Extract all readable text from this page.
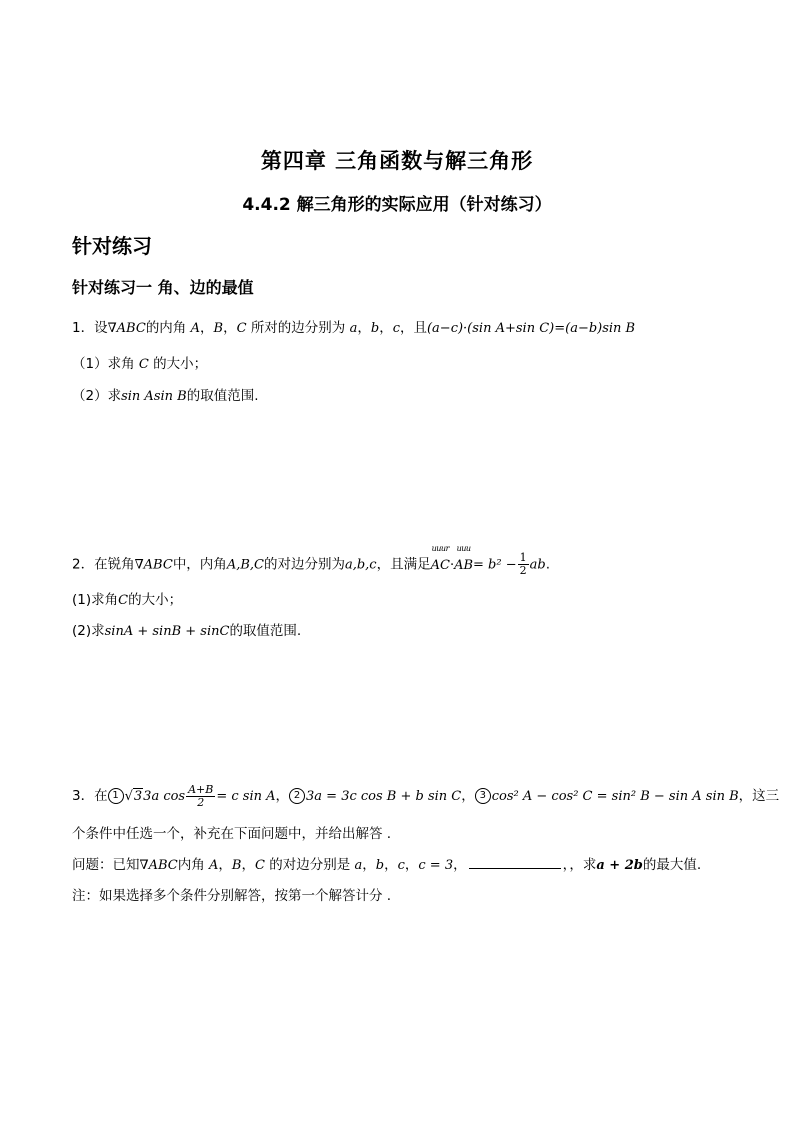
第四章 三角函数与解三角形
4.4.2 解三角形的实际应用（针对练习）
针对练习
针对练习一 角、边的最值
1．设∇ABC的内角 A，B，C 所对的边分别为 a，b，c，且(a−c)·(sin A+sin C)=(a−b)sin B
（1）求角 C 的大小；
（2）求sin Asin B的取值范围.
2．在锐角∇ABC中，内角A,B,C的对边分别为a,b,c，且满足
uuur
AC·
uuu
$AB= b^2 - \frac{1}{2}$ ab.
(1)求角C的大小；
(2)求sinA + sinB + sinC的取值范围.
3．在 1 √33a $\cos \frac{A+B}{2} = c$ sin A， 2 3a = 3c cos B + b sin C， 3 cos² A − cos² C = sin² B − sin A sin B，这三
个条件中任选一个，补充在下面问题中，并给出解答 .
问题：已知∇ABC内角 A，B，C 的对边分别是 a，b，c，c = 3，	，，求a + 2b的最大值.
注：如果选择多个条件分别解答，按第一个解答计分 .
